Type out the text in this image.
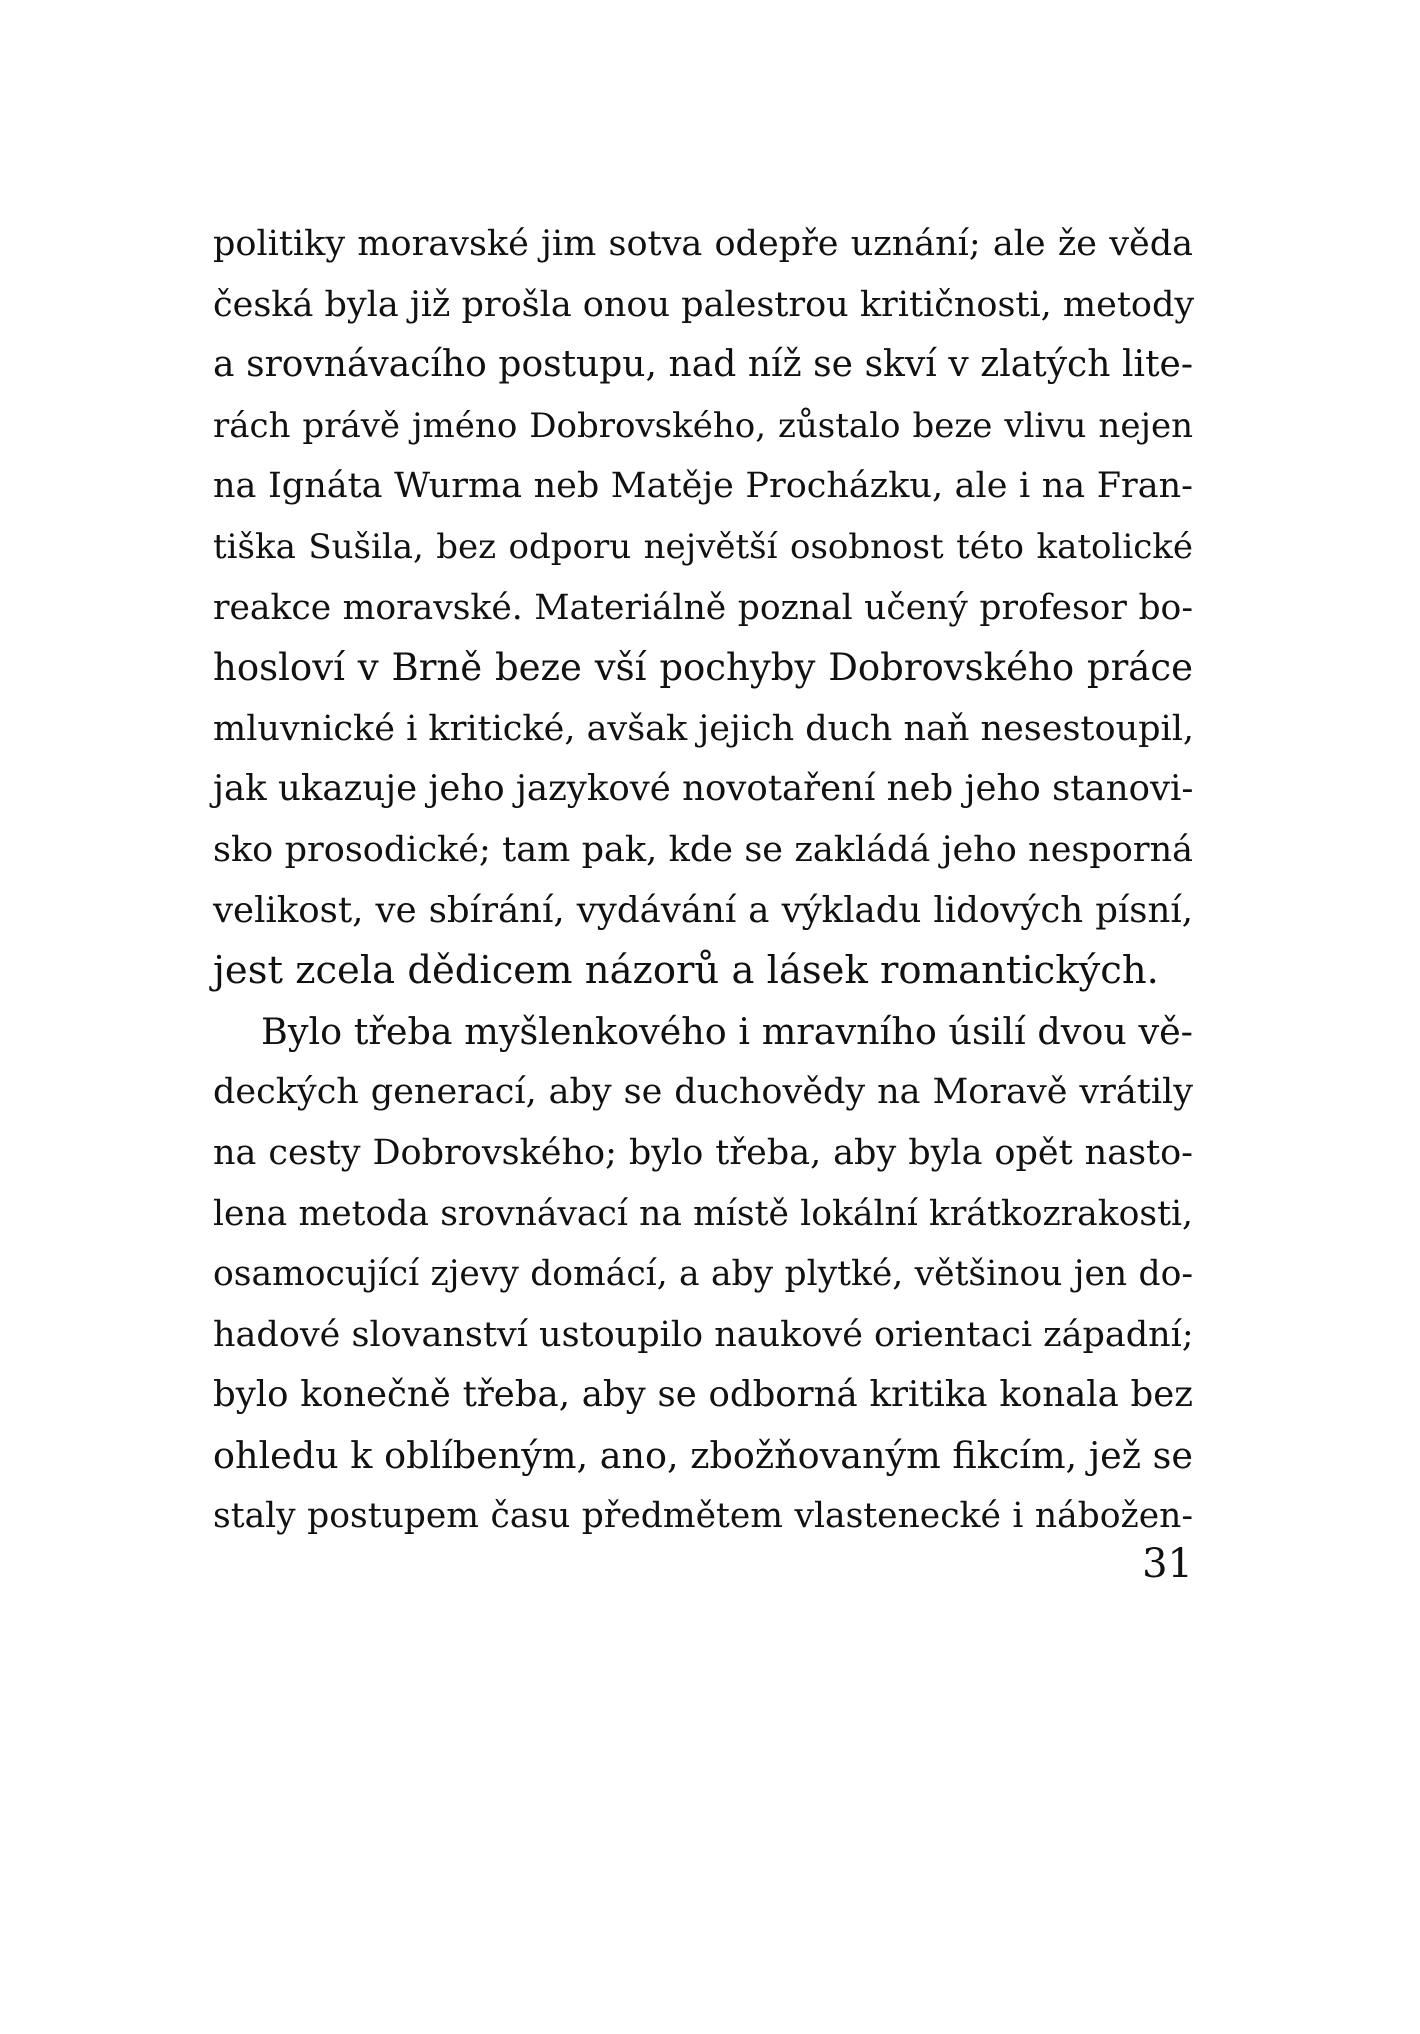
politiky moravské jim sotva odepře uznání; ale že věda
česká byla již prošla onou palestrou kritičnosti, metody
a srovnávacího postupu, nad níž se skví v zlatých lite-
rách právě jméno Dobrovského, zůstalo beze vlivu nejen
na Ignáta Wurma neb Matěje Procházku, ale i na Fran-
tiška Sušila, bez odporu největší osobnost této katolické
reakce moravské. Materiálně poznal učený profesor bo-
hosloví v Brně beze vší pochyby Dobrovského práce
mluvnické i kritické, avšak jejich duch naň nesestoupil,
jak ukazuje jeho jazykové novotaření neb jeho stanovi-
sko prosodické; tam pak, kde se zakládá jeho nesporná
velikost, ve sbírání, vydávání a výkladu lidových písní,
jest zcela dědicem názorů a lásek romantických.
Bylo třeba myšlenkového i mravního úsilí dvou vě-
deckých generací, aby se duchovědy na Moravě vrátily
na cesty Dobrovského; bylo třeba, aby byla opět nasto-
lena metoda srovnávací na místě lokální krátkozrakosti,
osamocující zjevy domácí, a aby plytké, většinou jen do-
hadové slovanství ustoupilo naukové orientaci západní;
bylo konečně třeba, aby se odborná kritika konala bez
ohledu k oblíbeným, ano, zbožňovaným fikcím, jež se
staly postupem času předmětem vlastenecké i nábožen-
31
